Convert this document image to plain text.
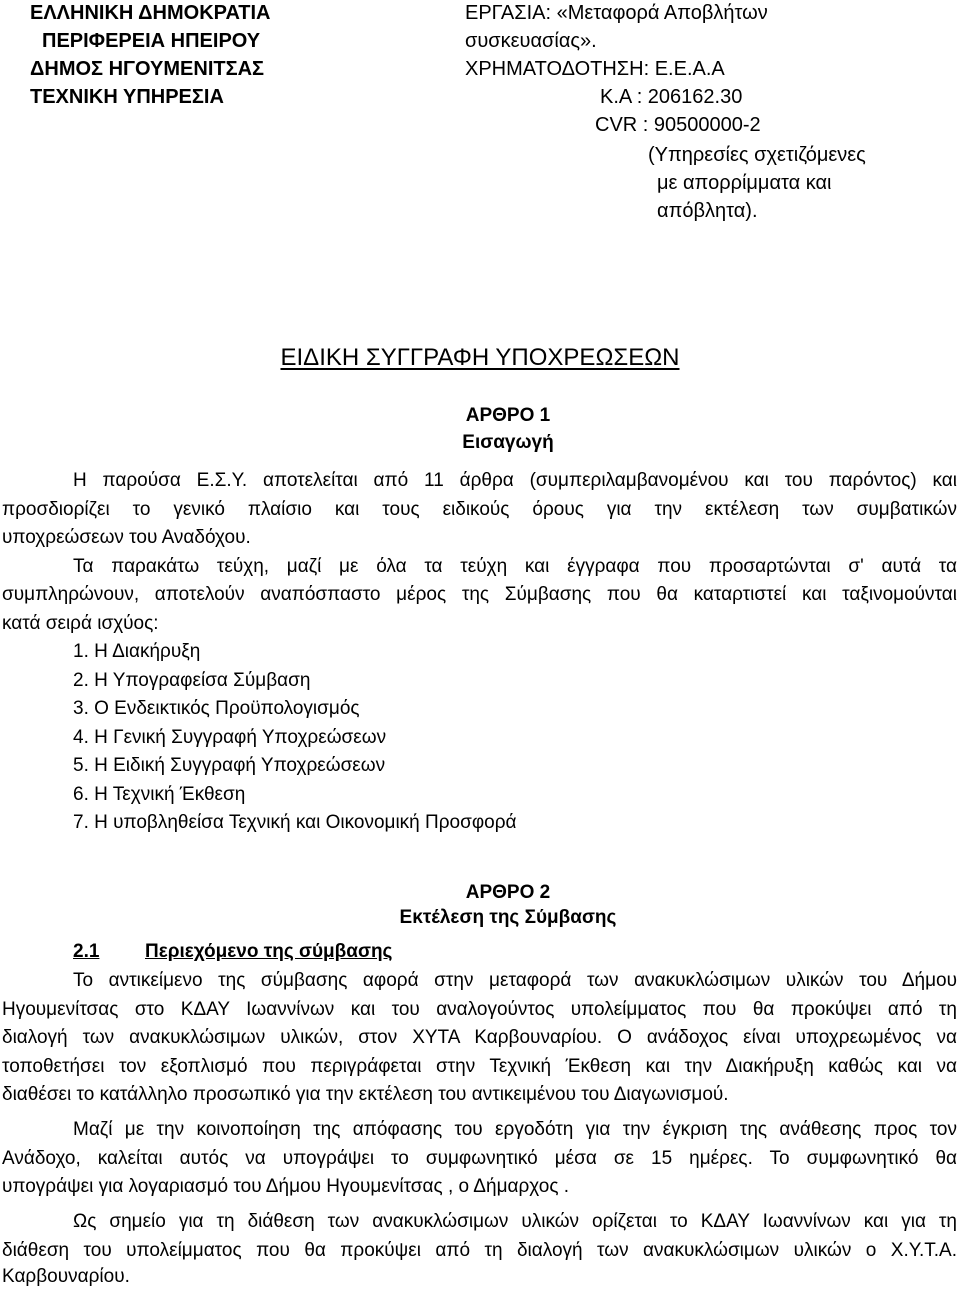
ΕΛΛΗΝΙΚΗ ΔΗΜΟΚΡΑΤΙΑ
ΠΕΡΙΦΕΡΕΙΑ ΗΠΕΙΡΟΥ
ΔΗΜΟΣ ΗΓΟΥΜΕΝΙΤΣΑΣ
ΤΕΧΝΙΚΗ ΥΠΗΡΕΣΙΑ
ΕΡΓΑΣΙΑ: «Μεταφορά Αποβλήτων
συσκευασίας».
ΧΡΗΜΑΤΟΔΟΤΗΣΗ: Ε.Ε.Α.Α
Κ.Α : 206162.30
CVR : 90500000-2
(Υπηρεσίες σχετιζόμενες
με απορρίμματα και
απόβλητα).
ΕΙΔΙΚΗ ΣΥΓΓΡΑΦΗ ΥΠΟΧΡΕΩΣΕΩΝ
ΑΡΘΡΟ 1
Εισαγωγή
Η παρούσα Ε.Σ.Υ. αποτελείται από 11 άρθρα (συμπεριλαμβανομένου και του παρόντος) και
προσδιορίζει το γενικό πλαίσιο και τους ειδικούς όρους για την εκτέλεση των συμβατικών
υποχρεώσεων του Αναδόχου.
Τα παρακάτω τεύχη, μαζί με όλα τα τεύχη και έγγραφα που προσαρτώνται σ' αυτά τα
συμπληρώνουν, αποτελούν αναπόσπαστο μέρος της Σύμβασης που θα καταρτιστεί και ταξινομούνται
κατά σειρά ισχύος:
1. Η Διακήρυξη
2. Η Υπογραφείσα Σύμβαση
3. Ο Ενδεικτικός Προϋπολογισμός
4. Η Γενική Συγγραφή Υποχρεώσεων
5. Η Ειδική Συγγραφή Υποχρεώσεων
6. Η Τεχνική Έκθεση
7. Η υποβληθείσα Τεχνική και Οικονομική Προσφορά
ΑΡΘΡΟ 2
Εκτέλεση της Σύμβασης
2.1 Περιεχόμενο της σύμβασης
Το αντικείμενο της σύμβασης αφορά στην μεταφορά των ανακυκλώσιμων υλικών του Δήμου
Ηγουμενίτσας στο ΚΔΑΥ Ιωαννίνων και του αναλογούντος υπολείμματος που θα προκύψει από τη
διαλογή των ανακυκλώσιμων υλικών, στον ΧΥΤΑ Καρβουναρίου. Ο ανάδοχος είναι υποχρεωμένος να
τοποθετήσει τον εξοπλισμό που περιγράφεται στην Τεχνική Έκθεση και την Διακήρυξη καθώς και να
διαθέσει το κατάλληλο προσωπικό για την εκτέλεση του αντικειμένου του Διαγωνισμού.
Μαζί με την κοινοποίηση της απόφασης του εργοδότη για την έγκριση της ανάθεσης προς τον
Ανάδοχο, καλείται αυτός να υπογράψει το συμφωνητικό μέσα σε 15 ημέρες. Το συμφωνητικό θα
υπογράψει για λογαριασμό του Δήμου Ηγουμενίτσας , ο Δήμαρχος .
Ως σημείο για τη διάθεση των ανακυκλώσιμων υλικών ορίζεται το ΚΔΑΥ Ιωαννίνων και για τη
διάθεση του υπολείμματος που θα προκύψει από τη διαλογή των ανακυκλώσιμων υλικών ο Χ.Υ.Τ.Α.
Καρβουναρίου.
